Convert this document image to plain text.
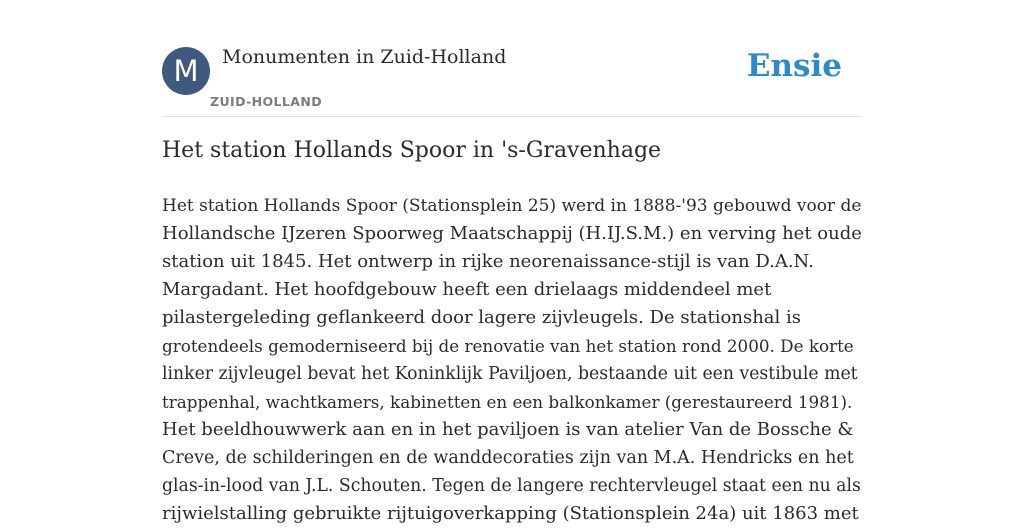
M	Monumenten in Zuid-Holland
ZUID-HOLLAND
Ensie
Het station Hollands Spoor in 's-Gravenhage

Het station Hollands Spoor (Stationsplein 25) werd in 1888-'93 gebouwd voor de
Hollandsche IJzeren Spoorweg Maatschappij (H.IJ.S.M.) en verving het oude
station uit 1845. Het ontwerp in rijke neorenaissance-stijl is van D.A.N.
Margadant. Het hoofdgebouw heeft een drielaags middendeel met
pilastergeleding geflankeerd door lagere zijvleugels. De stationshal is
grotendeels gemoderniseerd bij de renovatie van het station rond 2000. De korte
linker zijvleugel bevat het Koninklijk Paviljoen, bestaande uit een vestibule met
trappenhal, wachtkamers, kabinetten en een balkonkamer (gerestaureerd 1981).
Het beeldhouwwerk aan en in het paviljoen is van atelier Van de Bossche &
Creve, de schilderingen en de wanddecoraties zijn van M.A. Hendricks en het
glas-in-lood van J.L. Schouten. Tegen de langere rechtervleugel staat een nu als
rijwielstalling gebruikte rijtuigoverkapping (Stationsplein 24a) uit 1863 met
